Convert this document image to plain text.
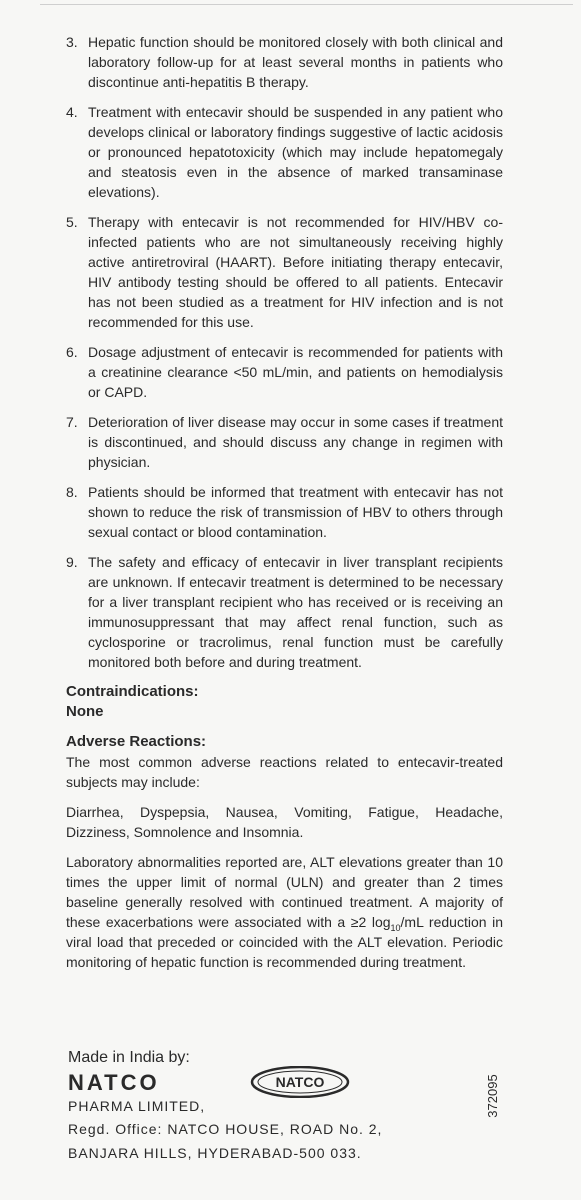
3. Hepatic function should be monitored closely with both clinical and laboratory follow-up for at least several months in patients who discontinue anti-hepatitis B therapy.
4. Treatment with entecavir should be suspended in any patient who develops clinical or laboratory findings suggestive of lactic acidosis or pronounced hepatotoxicity (which may include hepatomegaly and steatosis even in the absence of marked transaminase elevations).
5. Therapy with entecavir is not recommended for HIV/HBV co-infected patients who are not simultaneously receiving highly active antiretroviral (HAART). Before initiating therapy entecavir, HIV antibody testing should be offered to all patients. Entecavir has not been studied as a treatment for HIV infection and is not recommended for this use.
6. Dosage adjustment of entecavir is recommended for patients with a creatinine clearance <50 mL/min, and patients on hemodialysis or CAPD.
7. Deterioration of liver disease may occur in some cases if treatment is discontinued, and should discuss any change in regimen with physician.
8. Patients should be informed that treatment with entecavir has not shown to reduce the risk of transmission of HBV to others through sexual contact or blood contamination.
9. The safety and efficacy of entecavir in liver transplant recipients are unknown. If entecavir treatment is determined to be necessary for a liver transplant recipient who has received or is receiving an immunosuppressant that may affect renal function, such as cyclosporine or tracrolimus, renal function must be carefully monitored both before and during treatment.

Contraindications:

None

Adverse Reactions:

The most common adverse reactions related to entecavir-treated subjects may include:

Diarrhea, Dyspepsia, Nausea, Vomiting, Fatigue, Headache, Dizziness, Somnolence and Insomnia.

Laboratory abnormalities reported are, ALT elevations greater than 10 times the upper limit of normal (ULN) and greater than 2 times baseline generally resolved with continued treatment. A majority of these exacerbations were associated with a ≥2 $\log_{10}/mL$ reduction in viral load that preceded or coincided with the ALT elevation. Periodic monitoring of hepatic function is recommended during treatment.

Made in India by:

NATCO

PHARMA LIMITED,

Regd. Office: NATCO HOUSE, ROAD No. 2,

BANJARA HILLS, HYDERABAD-500 033.

NATCO	372095
